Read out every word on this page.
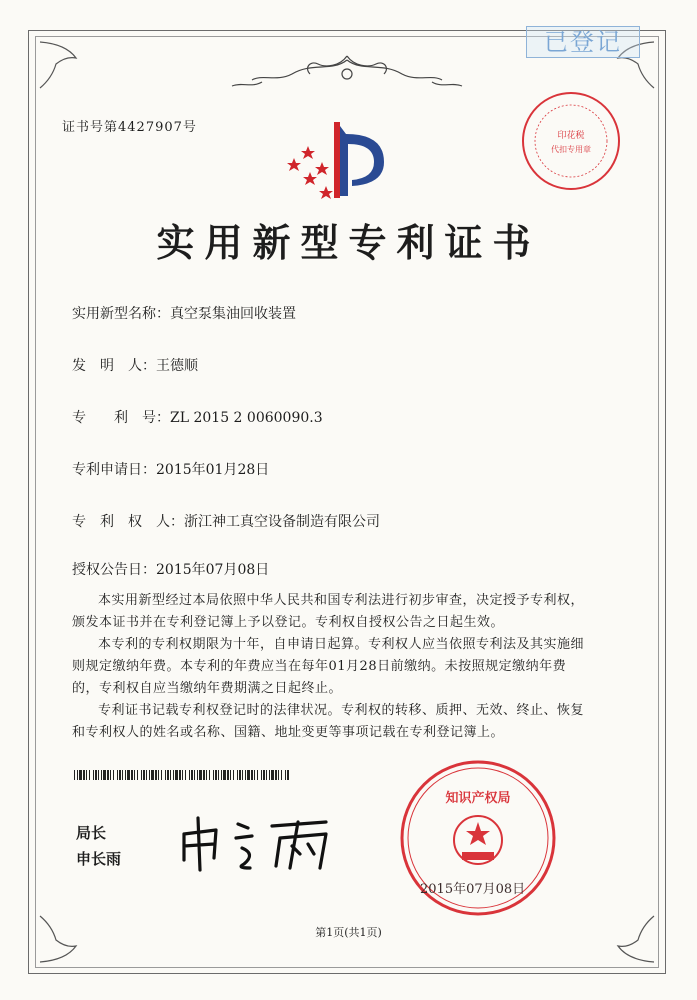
已登记
证书号第4427907号
印花税
代扣专用章
实用新型专利证书
实用新型名称：真空泵集油回收装置
发　明　人：王德顺
专　　利　号：ZL 2015 2 0060090.3
专利申请日：2015年01月28日
专　利　权　人：浙江神工真空设备制造有限公司
授权公告日：2015年07月08日

本实用新型经过本局依照中华人民共和国专利法进行初步审查，决定授予专利权，颁发本证书并在专利登记簿上予以登记。专利权自授权公告之日起生效。

本专利的专利权期限为十年，自申请日起算。专利权人应当依照专利法及其实施细则规定缴纳年费。本专利的年费应当在每年01月28日前缴纳。未按照规定缴纳年费的，专利权自应当缴纳年费期满之日起终止。

专利证书记载专利权登记时的法律状况。专利权的转移、质押、无效、终止、恢复和专利权人的姓名或名称、国籍、地址变更等事项记载在专利登记簿上。

局长
申长雨
知识产权局
2015年07月08日
第1页(共1页)
